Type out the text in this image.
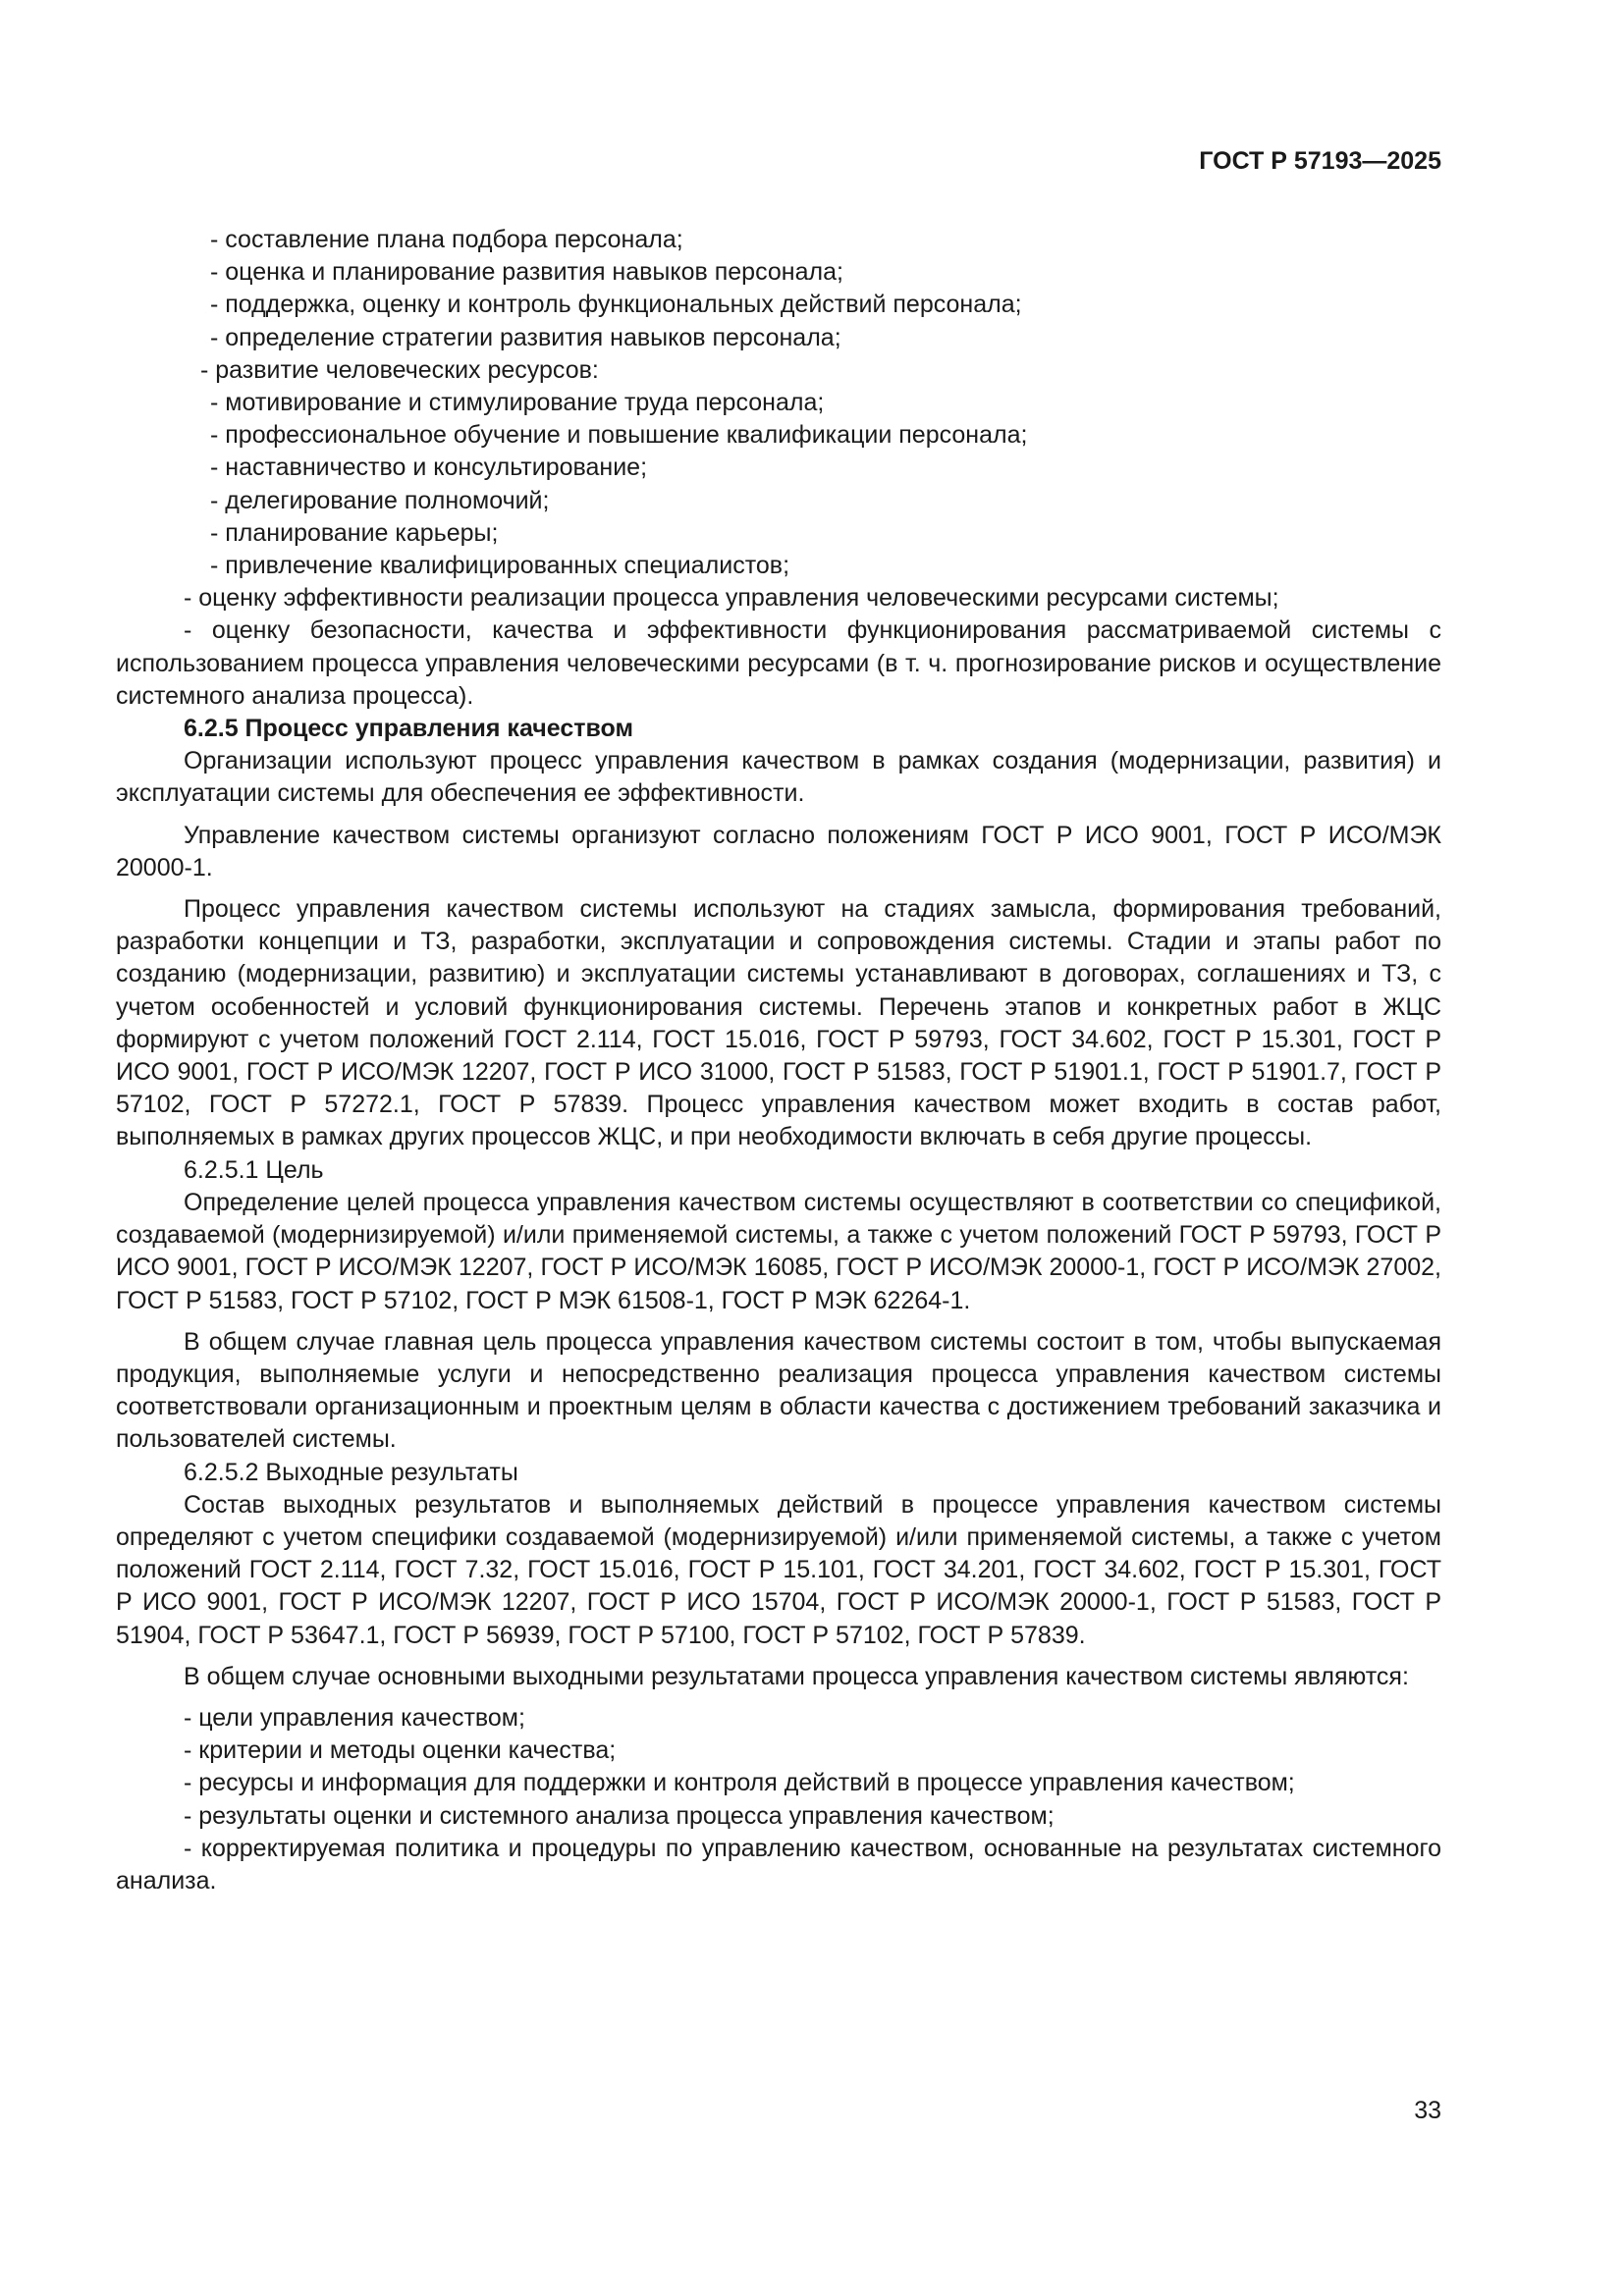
ГОСТ Р 57193—2025

- составление плана подбора персонала;

- оценка и планирование развития навыков персонала;

- поддержка, оценку и контроль функциональных действий персонала;

- определение стратегии развития навыков персонала;

- развитие человеческих ресурсов:

- мотивирование и стимулирование труда персонала;

- профессиональное обучение и повышение квалификации персонала;

- наставничество и консультирование;

- делегирование полномочий;

- планирование карьеры;

- привлечение квалифицированных специалистов;

- оценку эффективности реализации процесса управления человеческими ресурсами системы;

- оценку безопасности, качества и эффективности функционирования рассматриваемой системы с использованием процесса управления человеческими ресурсами (в т. ч. прогнозирование рисков и осуществление системного анализа процесса).

6.2.5 Процесс управления качеством

Организации используют процесс управления качеством в рамках создания (модернизации, развития) и эксплуатации системы для обеспечения ее эффективности.

Управление качеством системы организуют согласно положениям ГОСТ Р ИСО 9001, ГОСТ Р ИСО/МЭК 20000-1.

Процесс управления качеством системы используют на стадиях замысла, формирования требований, разработки концепции и ТЗ, разработки, эксплуатации и сопровождения системы. Стадии и этапы работ по созданию (модернизации, развитию) и эксплуатации системы устанавливают в договорах, соглашениях и ТЗ, с учетом особенностей и условий функционирования системы. Перечень этапов и конкретных работ в ЖЦС формируют с учетом положений ГОСТ 2.114, ГОСТ 15.016, ГОСТ Р 59793, ГОСТ 34.602, ГОСТ Р 15.301, ГОСТ Р ИСО 9001, ГОСТ Р ИСО/МЭК 12207, ГОСТ Р ИСО 31000, ГОСТ Р 51583, ГОСТ Р 51901.1, ГОСТ Р 51901.7, ГОСТ Р 57102, ГОСТ Р 57272.1, ГОСТ Р 57839. Процесс управления качеством может входить в состав работ, выполняемых в рамках других процессов ЖЦС, и при необходимости включать в себя другие процессы.

6.2.5.1 Цель

Определение целей процесса управления качеством системы осуществляют в соответствии со спецификой, создаваемой (модернизируемой) и/или применяемой системы, а также с учетом положений ГОСТ Р 59793, ГОСТ Р ИСО 9001, ГОСТ Р ИСО/МЭК 12207, ГОСТ Р ИСО/МЭК 16085, ГОСТ Р ИСО/МЭК 20000-1, ГОСТ Р ИСО/МЭК 27002, ГОСТ Р 51583, ГОСТ Р 57102, ГОСТ Р МЭК 61508-1, ГОСТ Р МЭК 62264-1.

В общем случае главная цель процесса управления качеством системы состоит в том, чтобы выпускаемая продукция, выполняемые услуги и непосредственно реализация процесса управления качеством системы соответствовали организационным и проектным целям в области качества с достижением требований заказчика и пользователей системы.

6.2.5.2 Выходные результаты

Состав выходных результатов и выполняемых действий в процессе управления качеством системы определяют с учетом специфики создаваемой (модернизируемой) и/или применяемой системы, а также с учетом положений ГОСТ 2.114, ГОСТ 7.32, ГОСТ 15.016, ГОСТ Р 15.101, ГОСТ 34.201, ГОСТ 34.602, ГОСТ Р 15.301, ГОСТ Р ИСО 9001, ГОСТ Р ИСО/МЭК 12207, ГОСТ Р ИСО 15704, ГОСТ Р ИСО/МЭК 20000-1, ГОСТ Р 51583, ГОСТ Р 51904, ГОСТ Р 53647.1, ГОСТ Р 56939, ГОСТ Р 57100, ГОСТ Р 57102, ГОСТ Р 57839.

В общем случае основными выходными результатами процесса управления качеством системы являются:

- цели управления качеством;

- критерии и методы оценки качества;

- ресурсы и информация для поддержки и контроля действий в процессе управления качеством;

- результаты оценки и системного анализа процесса управления качеством;

- корректируемая политика и процедуры по управлению качеством, основанные на результатах системного анализа.

33
